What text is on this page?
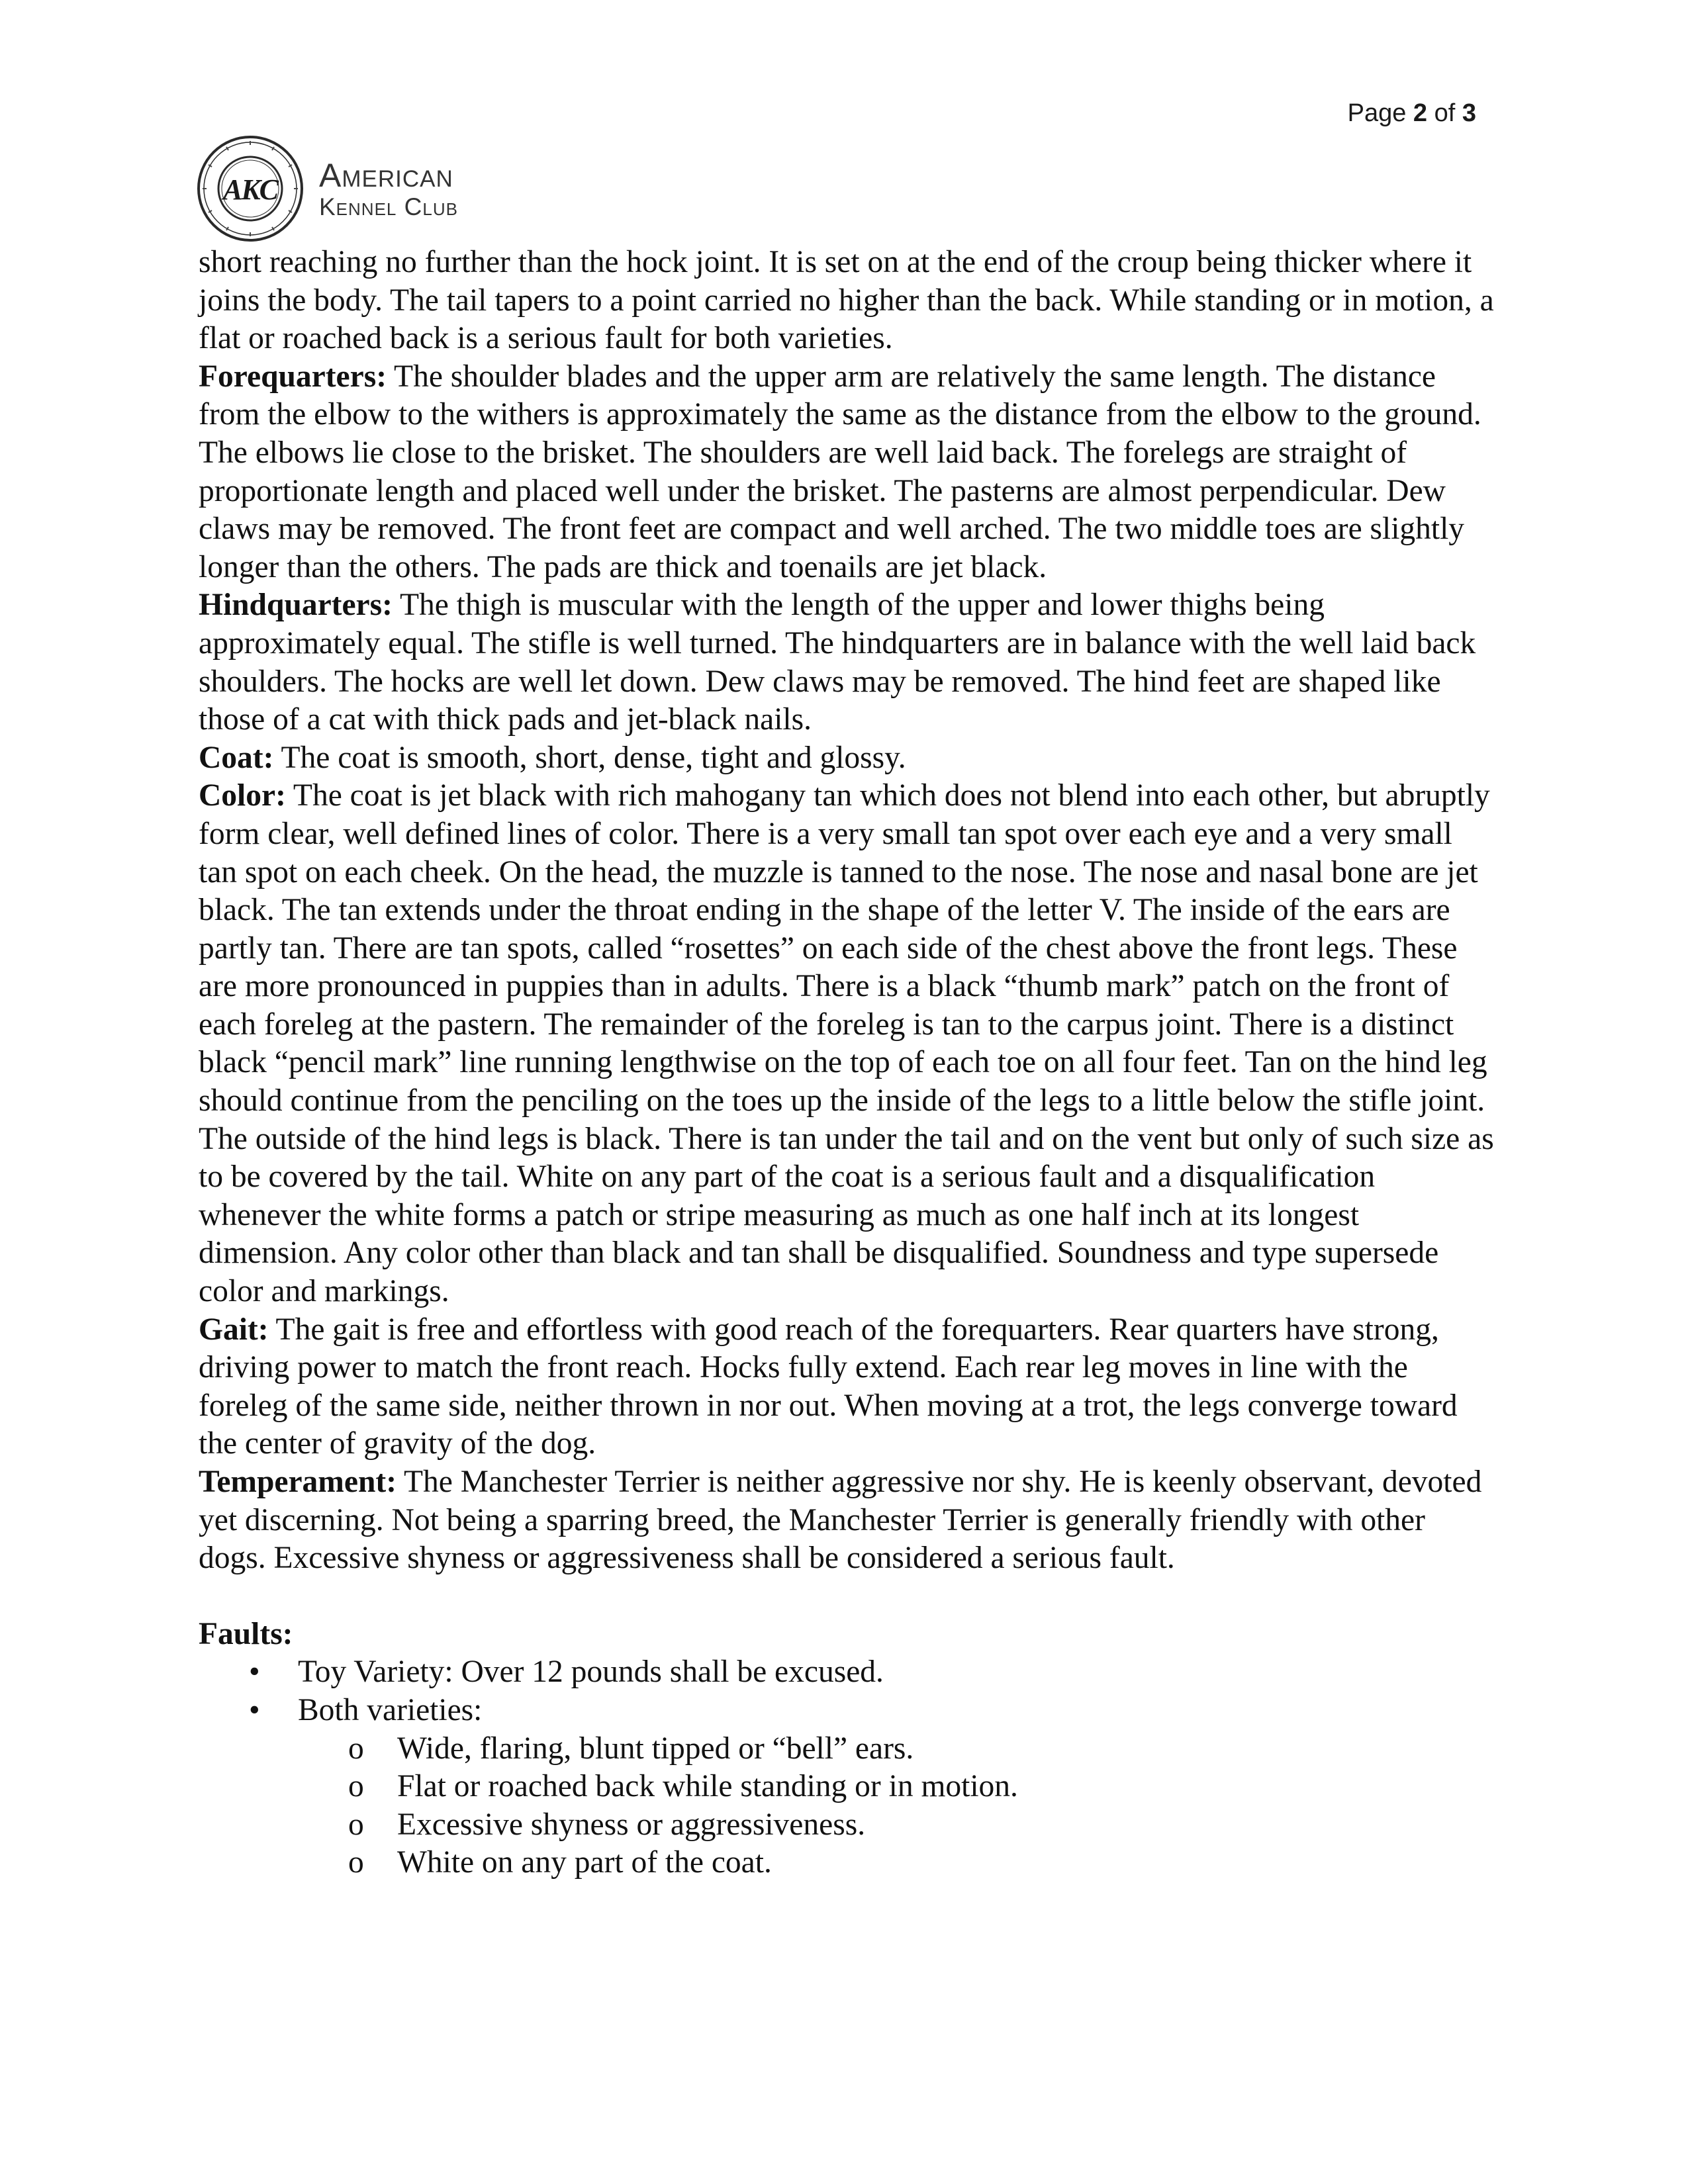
Page 2 of 3
AKC American
Kennel Club

short reaching no further than the hock joint. It is set on at the end of the croup being thicker where it joins the body. The tail tapers to a point carried no higher than the back. While standing or in motion, a flat or roached back is a serious fault for both varieties.

Forequarters: The shoulder blades and the upper arm are relatively the same length. The distance from the elbow to the withers is approximately the same as the distance from the elbow to the ground. The elbows lie close to the brisket. The shoulders are well laid back. The forelegs are straight of proportionate length and placed well under the brisket. The pasterns are almost perpendicular. Dew claws may be removed. The front feet are compact and well arched. The two middle toes are slightly longer than the others. The pads are thick and toenails are jet black.

Hindquarters: The thigh is muscular with the length of the upper and lower thighs being approximately equal. The stifle is well turned. The hindquarters are in balance with the well laid back shoulders. The hocks are well let down. Dew claws may be removed. The hind feet are shaped like those of a cat with thick pads and jet-black nails.

Coat: The coat is smooth, short, dense, tight and glossy.

Color: The coat is jet black with rich mahogany tan which does not blend into each other, but abruptly form clear, well defined lines of color. There is a very small tan spot over each eye and a very small tan spot on each cheek. On the head, the muzzle is tanned to the nose. The nose and nasal bone are jet black. The tan extends under the throat ending in the shape of the letter V. The inside of the ears are partly tan. There are tan spots, called “rosettes” on each side of the chest above the front legs. These are more pronounced in puppies than in adults. There is a black “thumb mark” patch on the front of each foreleg at the pastern. The remainder of the foreleg is tan to the carpus joint. There is a distinct black “pencil mark” line running lengthwise on the top of each toe on all four feet. Tan on the hind leg should continue from the penciling on the toes up the inside of the legs to a little below the stifle joint. The outside of the hind legs is black. There is tan under the tail and on the vent but only of such size as to be covered by the tail. White on any part of the coat is a serious fault and a disqualification whenever the white forms a patch or stripe measuring as much as one half inch at its longest dimension. Any color other than black and tan shall be disqualified. Soundness and type supersede color and markings.

Gait: The gait is free and effortless with good reach of the forequarters. Rear quarters have strong, driving power to match the front reach. Hocks fully extend. Each rear leg moves in line with the foreleg of the same side, neither thrown in nor out. When moving at a trot, the legs converge toward the center of gravity of the dog.

Temperament: The Manchester Terrier is neither aggressive nor shy. He is keenly observant, devoted yet discerning. Not being a sparring breed, the Manchester Terrier is generally friendly with other dogs. Excessive shyness or aggressiveness shall be considered a serious fault.

Faults:

• Toy Variety: Over 12 pounds shall be excused.
• Both varieties:
o Wide, flaring, blunt tipped or “bell” ears.
o Flat or roached back while standing or in motion.
o Excessive shyness or aggressiveness.
o White on any part of the coat.
